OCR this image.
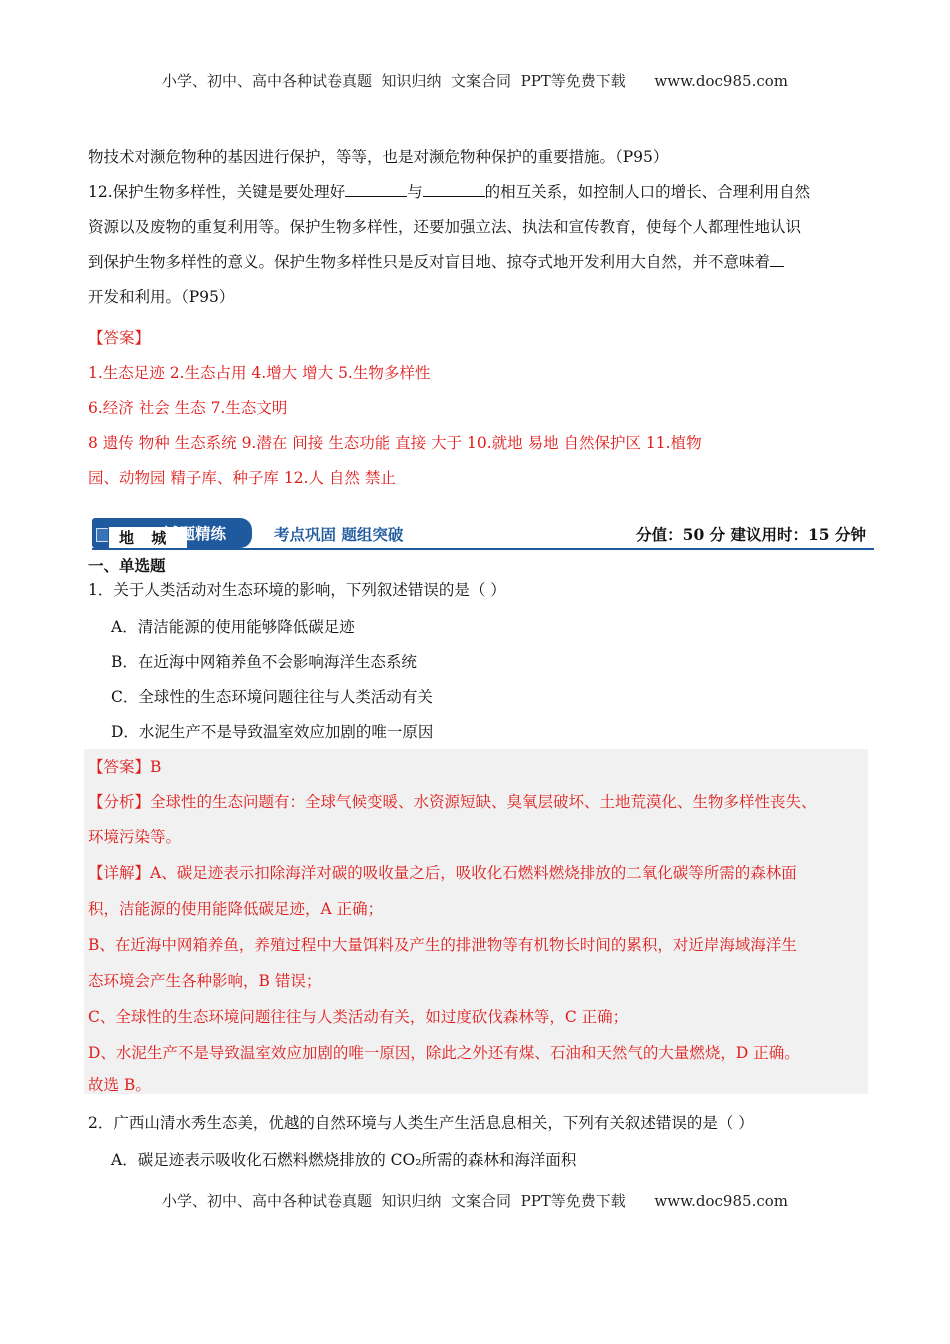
小学、初中、高中各种试卷真题  知识归纳  文案合同  PPT等免费下载      www.doc985.com
物技术对濒危物种的基因进行保护，等等，也是对濒危物种保护的重要措施。（P95）
12.保护生物多样性，关键是要处理好	与	的相互关系，如控制人口的增长、合理利用自然
资源以及废物的重复利用等。保护生物多样性，还要加强立法、执法和宣传教育，使每个人都理性地认识
到保护生物多样性的意义。保护生物多样性只是反对盲目地、掠夺式地开发利用大自然，并不意味着
开发和利用。（P95）
【答案】
1.生态足迹 2.生态占用 4.增大 增大 5.生物多样性
6.经济 社会 生态 7.生态文明
8 遗传 物种 生态系统 9.潜在 间接 生态功能 直接 大于 10.就地 易地 自然保护区 11.植物
园、动物园 精子库、种子库 12.人 自然 禁止
地 城
试题精练	考点巩固 题组突破	分值：50 分 建议用时：15 分钟
一、单选题
1．关于人类活动对生态环境的影响，下列叙述错误的是（ ）
A．清洁能源的使用能够降低碳足迹
B．在近海中网箱养鱼不会影响海洋生态系统
C．全球性的生态环境问题往往与人类活动有关
D．水泥生产不是导致温室效应加剧的唯一原因
【答案】B
【分析】全球性的生态问题有：全球气候变暖、水资源短缺、臭氧层破坏、土地荒漠化、生物多样性丧失、
环境污染等。
【详解】A、碳足迹表示扣除海洋对碳的吸收量之后，吸收化石燃料燃烧排放的二氧化碳等所需的森林面
积，洁能源的使用能降低碳足迹，A 正确；
B、在近海中网箱养鱼，养殖过程中大量饵料及产生的排泄物等有机物长时间的累积，对近岸海域海洋生
态环境会产生各种影响，B 错误；
C、全球性的生态环境问题往往与人类活动有关，如过度砍伐森林等，C 正确；
D、水泥生产不是导致温室效应加剧的唯一原因，除此之外还有煤、石油和天然气的大量燃烧，D 正确。
故选 B。
2．广西山清水秀生态美，优越的自然环境与人类生产生活息息相关，下列有关叙述错误的是（ ）
A．碳足迹表示吸收化石燃料燃烧排放的 CO₂所需的森林和海洋面积
小学、初中、高中各种试卷真题  知识归纳  文案合同  PPT等免费下载      www.doc985.com
